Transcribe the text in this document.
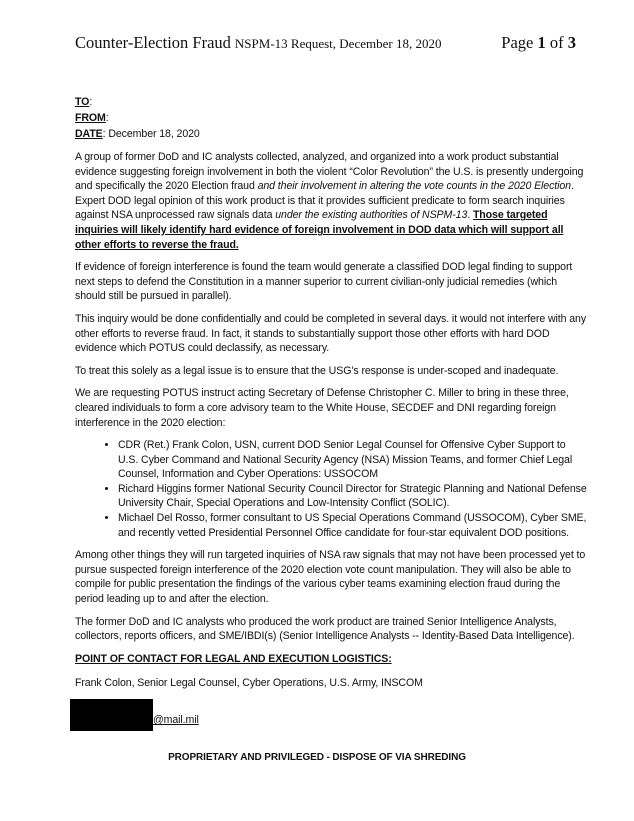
Counter-Election Fraud NSPM-13 Request, December 18, 2020	Page 1 of 3
TO:
FROM:
DATE: December 18, 2020

A group of former DoD and IC analysts collected, analyzed, and organized into a work product substantial evidence suggesting foreign involvement in both the violent “Color Revolution” the U.S. is presently undergoing and specifically the 2020 Election fraud and their involvement in altering the vote counts in the 2020 Election. Expert DOD legal opinion of this work product is that it provides sufficient predicate to form search inquiries against NSA unprocessed raw signals data under the existing authorities of NSPM-13. Those targeted inquiries will likely identify hard evidence of foreign involvement in DOD data which will support all other efforts to reverse the fraud.

If evidence of foreign interference is found the team would generate a classified DOD legal finding to support next steps to defend the Constitution in a manner superior to current civilian-only judicial remedies (which should still be pursued in parallel).

This inquiry would be done confidentially and could be completed in several days. it would not interfere with any other efforts to reverse fraud. In fact, it stands to substantially support those other efforts with hard DOD evidence which POTUS could declassify, as necessary.

To treat this solely as a legal issue is to ensure that the USG’s response is under-scoped and inadequate.

We are requesting POTUS instruct acting Secretary of Defense Christopher C. Miller to bring in these three, cleared individuals to form a core advisory team to the White House, SECDEF and DNI regarding foreign interference in the 2020 election:

• CDR (Ret.) Frank Colon, USN, current DOD Senior Legal Counsel for Offensive Cyber Support to U.S. Cyber Command and National Security Agency (NSA) Mission Teams, and former Chief Legal Counsel, Information and Cyber Operations: USSOCOM
• Richard Higgins former National Security Council Director for Strategic Planning and National Defense University Chair, Special Operations and Low-Intensity Conflict (SOLIC).
• Michael Del Rosso, former consultant to US Special Operations Command (USSOCOM), Cyber SME, and recently vetted Presidential Personnel Office candidate for four-star equivalent DOD positions.

Among other things they will run targeted inquiries of NSA raw signals that may not have been processed yet to pursue suspected foreign interference of the 2020 election vote count manipulation. They will also be able to compile for public presentation the findings of the various cyber teams examining election fraud during the period leading up to and after the election.

The former DoD and IC analysts who produced the work product are trained Senior Intelligence Analysts, collectors, reports officers, and SME/IBDI(s) (Senior Intelligence Analysts -- Identity-Based Data Intelligence).

POINT OF CONTACT FOR LEGAL AND EXECUTION LOGISTICS:

Frank Colon, Senior Legal Counsel, Cyber Operations, U.S. Army, INSCOM

@mail.mil
PROPRIETARY AND PRIVILEGED - DISPOSE OF VIA SHREDING
